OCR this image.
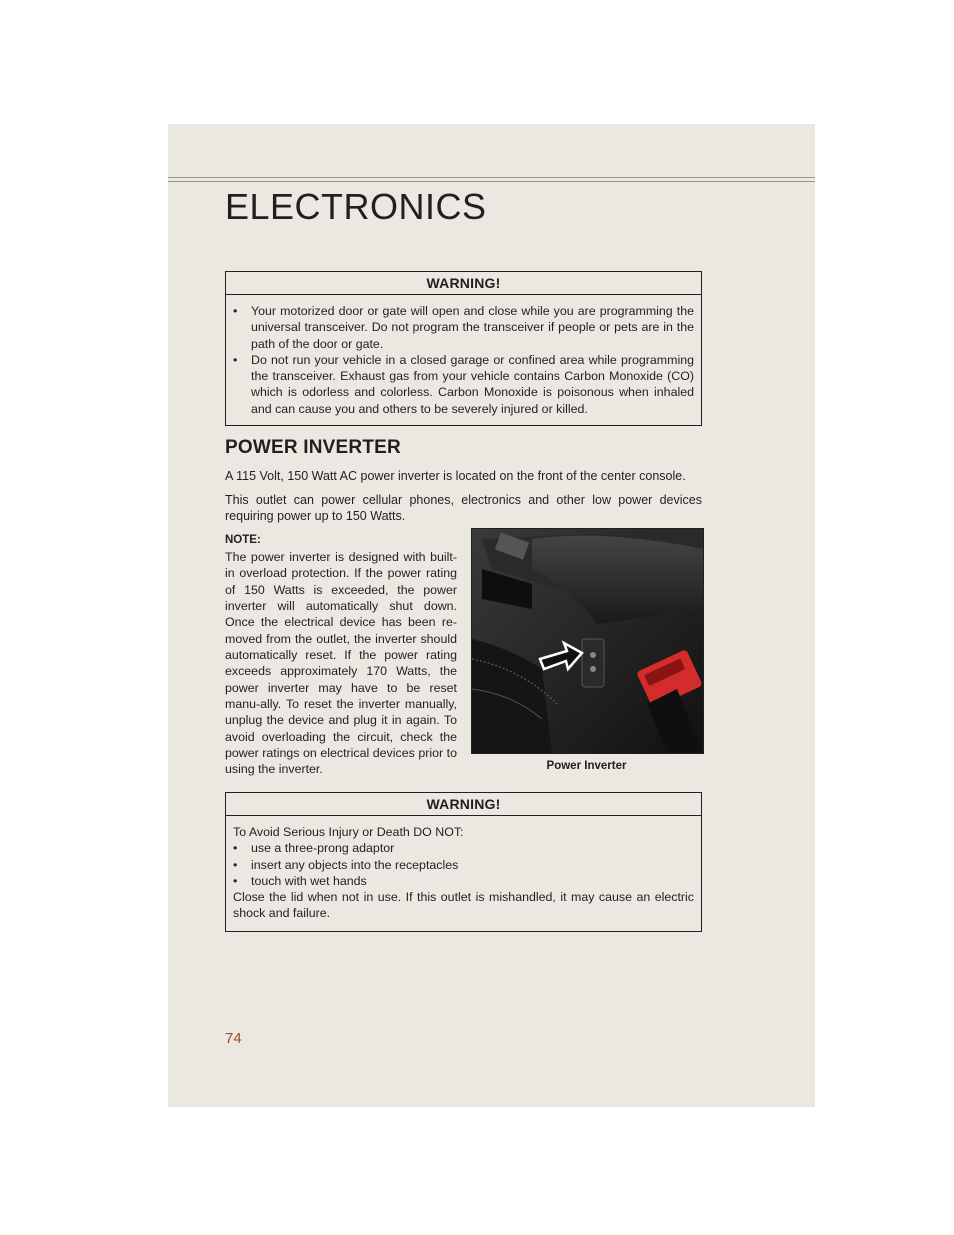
ELECTRONICS
WARNING!
• Your motorized door or gate will open and close while you are programming the universal transceiver. Do not program the transceiver if people or pets are in the path of the door or gate.
• Do not run your vehicle in a closed garage or confined area while programming the transceiver. Exhaust gas from your vehicle contains Carbon Monoxide (CO) which is odorless and colorless. Carbon Monoxide is poisonous when inhaled and can cause you and others to be severely injured or killed.
POWER INVERTER
A 115 Volt, 150 Watt AC power inverter is located on the front of the center console.
This outlet can power cellular phones, electronics and other low power devices requiring power up to 150 Watts.
NOTE:
The power inverter is designed with built-in overload protection. If the power rating of 150 Watts is exceeded, the power inverter will automatically shut down. Once the electrical device has been re-moved from the outlet, the inverter should automatically reset. If the power rating exceeds approximately 170 Watts, the power inverter may have to be reset manu-ally. To reset the inverter manually, unplug the device and plug it in again. To avoid overloading the circuit, check the power ratings on electrical devices prior to using the inverter.	Power Inverter
WARNING!
To Avoid Serious Injury or Death DO NOT:
• use a three-prong adaptor
• insert any objects into the receptacles
• touch with wet hands
Close the lid when not in use. If this outlet is mishandled, it may cause an electric shock and failure.
74
